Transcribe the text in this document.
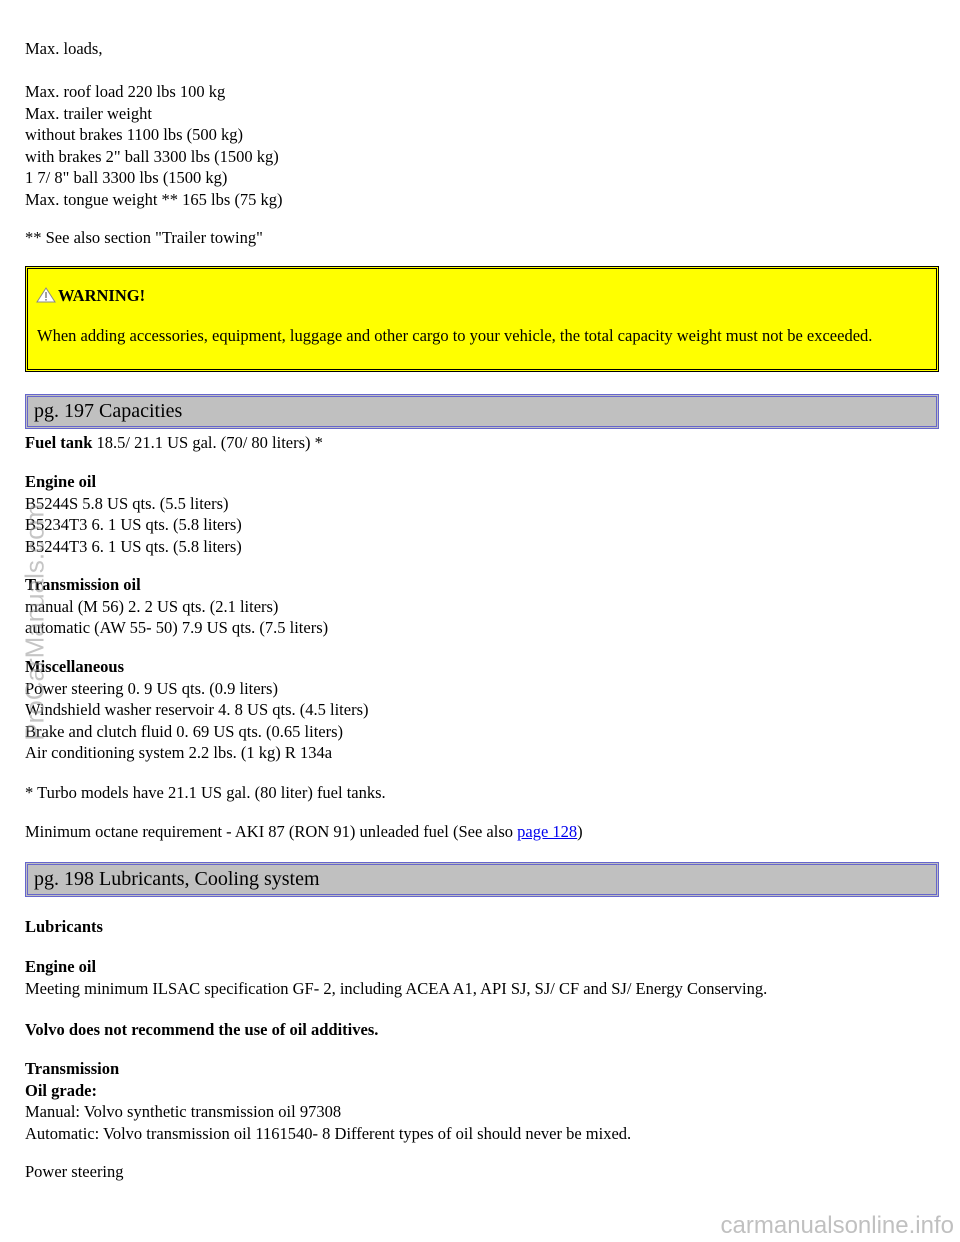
Max. loads,
Max. roof load 220 lbs 100 kg
Max. trailer weight
without brakes 1100 lbs (500 kg)
with brakes 2" ball 3300 lbs (1500 kg)
1 7/ 8" ball 3300 lbs (1500 kg)
Max. tongue weight ** 165 lbs (75 kg)
** See also section "Trailer towing"
WARNING!
When adding accessories, equipment, luggage and other cargo to your vehicle, the total capacity weight must not be exceeded.
pg. 197 Capacities
Fuel tank 18.5/ 21.1 US gal. (70/ 80 liters) *
Engine oil
B5244S 5.8 US qts. (5.5 liters)
B5234T3 6. 1 US qts. (5.8 liters)
B5244T3 6. 1 US qts. (5.8 liters)
Transmission oil
manual (M 56) 2. 2 US qts. (2.1 liters)
automatic (AW 55- 50) 7.9 US qts. (7.5 liters)
Miscellaneous
Power steering 0. 9 US qts. (0.9 liters)
Windshield washer reservoir 4. 8 US qts. (4.5 liters)
Brake and clutch fluid 0. 69 US qts. (0.65 liters)
Air conditioning system 2.2 lbs. (1 kg) R 134a
* Turbo models have 21.1 US gal. (80 liter) fuel tanks.
Minimum octane requirement - AKI 87 (RON 91) unleaded fuel (See also page 128)
pg. 198 Lubricants, Cooling system
Lubricants
Engine oil
Meeting minimum ILSAC specification GF- 2, including ACEA A1, API SJ, SJ/ CF and SJ/ Energy Conserving.
Volvo does not recommend the use of oil additives.
Transmission
Oil grade:
Manual: Volvo synthetic transmission oil 97308
Automatic: Volvo transmission oil 1161540- 8 Different types of oil should never be mixed.
Power steering
ProCarManuals.com
carmanualsonline.info
